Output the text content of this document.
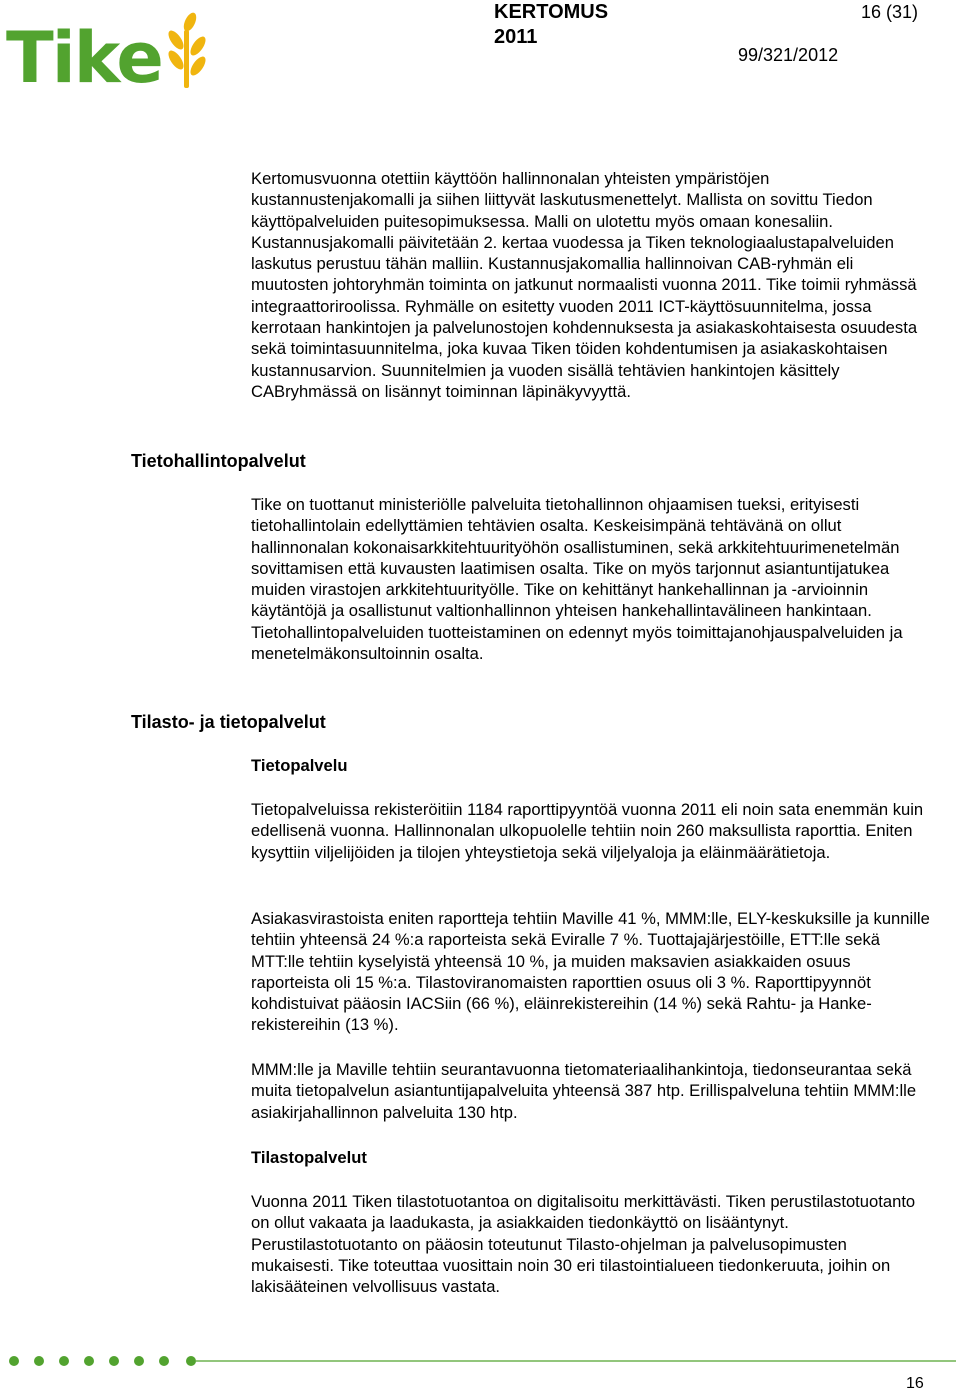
Tike
KERTOMUS 2011
16 (31)
99/321/2012

Kertomusvuonna otettiin käyttöön hallinnonalan yhteisten ympäristöjen kustannustenjakomalli ja siihen liittyvät laskutusmenettelyt. Mallista on sovittu Tiedon käyttöpalveluiden puitesopimuksessa. Malli on ulotettu myös omaan konesaliin. Kustannusjakomalli päivitetään 2. kertaa vuodessa ja Tiken teknologiaalustapalveluiden laskutus perustuu tähän malliin. Kustannusjakomallia hallinnoivan CAB-ryhmän eli muutosten johtoryhmän toiminta on jatkunut normaalisti vuonna 2011. Tike toimii ryhmässä integraattoriroolissa. Ryhmälle on esitetty vuoden 2011 ICT-käyttösuunnitelma, jossa kerrotaan hankintojen ja palvelunostojen kohdennuksesta ja asiakaskohtaisesta osuudesta sekä toimintasuunnitelma, joka kuvaa Tiken töiden kohdentumisen ja asiakaskohtaisen kustannusarvion. Suunnitelmien ja vuoden sisällä tehtävien hankintojen käsittely CABryhmässä on lisännyt toiminnan läpinäkyvyyttä.

Tietohallintopalvelut

Tike on tuottanut ministeriölle palveluita tietohallinnon ohjaamisen tueksi, erityisesti tietohallintolain edellyttämien tehtävien osalta. Keskeisimpänä tehtävänä on ollut hallinnonalan kokonaisarkkitehtuurityöhön osallistuminen, sekä arkkitehtuurimenetelmän sovittamisen että kuvausten laatimisen osalta. Tike on myös tarjonnut asiantuntijatukea muiden virastojen arkkitehtuurityölle. Tike on kehittänyt hankehallinnan ja -arvioinnin käytäntöjä ja osallistunut valtionhallinnon yhteisen hankehallintavälineen hankintaan. Tietohallintopalveluiden tuotteistaminen on edennyt myös toimittajanohjauspalveluiden ja menetelmäkonsultoinnin osalta.

Tilasto- ja tietopalvelut
Tietopalvelu

Tietopalveluissa rekisteröitiin 1184 raporttipyyntöä vuonna 2011 eli noin sata enemmän kuin edellisenä vuonna. Hallinnonalan ulkopuolelle tehtiin noin 260 maksullista raporttia. Eniten kysyttiin viljelijöiden ja tilojen yhteystietoja sekä viljelyaloja ja eläinmäärätietoja.

Asiakasvirastoista eniten raportteja tehtiin Maville 41 %, MMM:lle, ELY-keskuksille ja kunnille tehtiin yhteensä 24 %:a raporteista sekä Eviralle 7 %. Tuottajajärjestöille, ETT:lle sekä MTT:lle tehtiin kyselyistä yhteensä 10 %, ja muiden maksavien asiakkaiden osuus raporteista oli 15 %:a. Tilastoviranomaisten raporttien osuus oli 3 %. Raporttipyynnöt kohdistuivat pääosin IACSiin (66 %), eläinrekistereihin (14 %) sekä Rahtu- ja Hanke-rekistereihin (13 %).

MMM:lle ja Maville tehtiin seurantavuonna tietomateriaalihankintoja, tiedonseurantaa sekä muita tietopalvelun asiantuntijapalveluita yhteensä 387 htp. Erillispalveluna tehtiin MMM:lle asiakirjahallinnon palveluita 130 htp.

Tilastopalvelut

Vuonna 2011 Tiken tilastotuotantoa on digitalisoitu merkittävästi. Tiken perustilastotuotanto on ollut vakaata ja laadukasta, ja asiakkaiden tiedonkäyttö on lisääntynyt. Perustilastotuotanto on pääosin toteutunut Tilasto-ohjelman ja palvelusopimusten mukaisesti. Tike toteuttaa vuosittain noin 30 eri tilastointialueen tiedonkeruuta, joihin on lakisääteinen velvollisuus vastata.

16
